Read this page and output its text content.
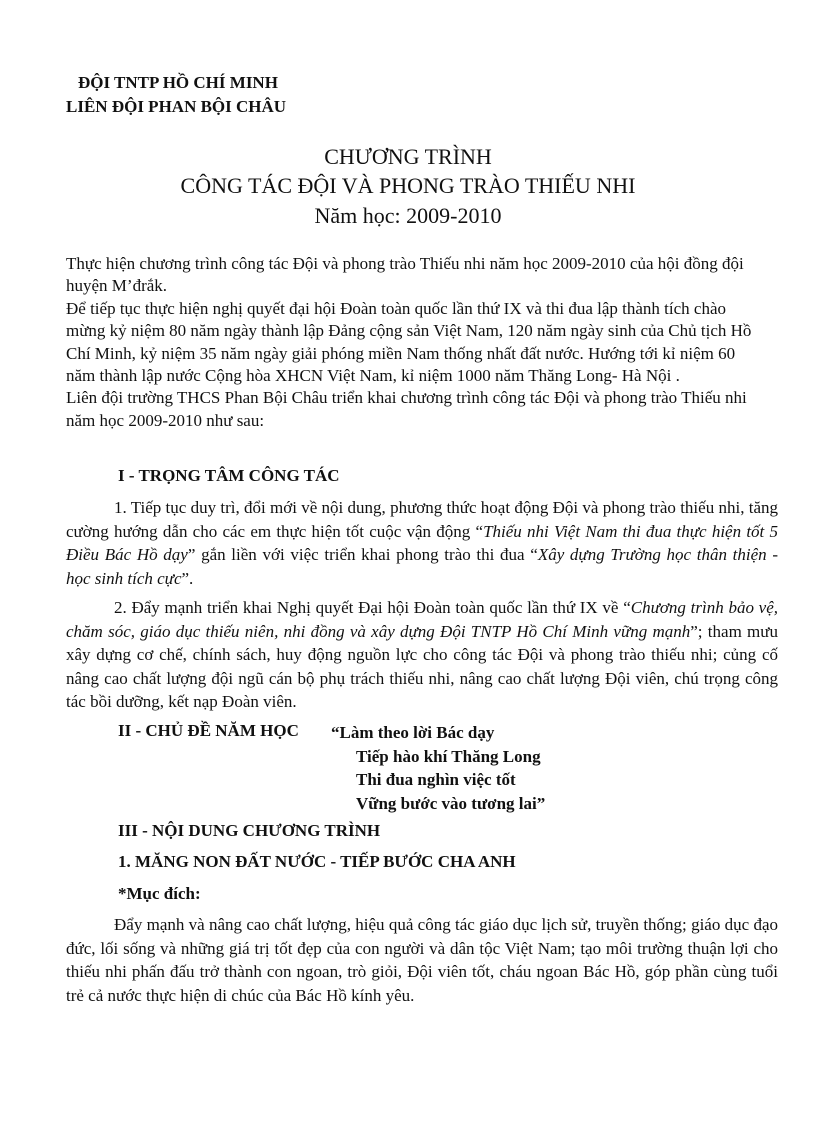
ĐỘI TNTP HỒ CHÍ MINH
LIÊN ĐỘI PHAN BỘI CHÂU
CHƯƠNG TRÌNH
CÔNG TÁC ĐỘI VÀ PHONG TRÀO THIẾU NHI
Năm học: 2009-2010

Thực hiện chương trình công tác Đội và phong trào Thiếu nhi năm học 2009-2010 của hội đồng đội huyện M’đrắk.

Để tiếp tục thực hiện nghị quyết đại hội Đoàn toàn quốc lần thứ IX và thi đua lập thành tích chào mừng kỷ niệm 80 năm ngày thành lập Đảng cộng sản Việt Nam, 120 năm ngày sinh của Chủ tịch Hồ Chí Minh, kỷ niệm 35 năm ngày giải phóng miền Nam thống nhất đất nước. Hướng tới kỉ niệm 60 năm thành lập nước Cộng hòa XHCN Việt Nam, kỉ niệm 1000 năm Thăng Long- Hà Nội .

Liên đội trường THCS Phan Bội Châu triển khai chương trình công tác Đội và phong trào Thiếu nhi năm học 2009-2010 như sau:

I - TRỌNG TÂM CÔNG TÁC
1. Tiếp tục duy trì, đổi mới về nội dung, phương thức hoạt động Đội và phong trào thiếu nhi, tăng cường hướng dẫn cho các em thực hiện tốt cuộc vận động “Thiếu nhi Việt Nam thi đua thực hiện tốt 5 Điều Bác Hồ dạy” gắn liền với việc triển khai phong trào thi đua “Xây dựng Trường học thân thiện - học sinh tích cực”.
2. Đẩy mạnh triển khai Nghị quyết Đại hội Đoàn toàn quốc lần thứ IX về “Chương trình bảo vệ, chăm sóc, giáo dục thiếu niên, nhi đồng và xây dựng Đội TNTP Hồ Chí Minh vững mạnh”; tham mưu xây dựng cơ chế, chính sách, huy động nguồn lực cho công tác Đội và phong trào thiếu nhi; củng cố nâng cao chất lượng đội ngũ cán bộ phụ trách thiếu nhi, nâng cao chất lượng Đội viên, chú trọng công tác bồi dưỡng, kết nạp Đoàn viên.
II - CHỦ ĐỀ NĂM HỌC “Làm theo lời Bác dạy
Tiếp hào khí Thăng Long
Thi đua nghìn việc tốt
Vững bước vào tương lai”
III - NỘI DUNG CHƯƠNG TRÌNH
1. MĂNG NON ĐẤT NƯỚC - TIẾP BƯỚC CHA ANH
*Mục đích:
Đẩy mạnh và nâng cao chất lượng, hiệu quả công tác giáo dục lịch sử, truyền thống; giáo dục đạo đức, lối sống và những giá trị tốt đẹp của con người và dân tộc Việt Nam; tạo môi trường thuận lợi cho thiếu nhi phấn đấu trở thành con ngoan, trò giỏi, Đội viên tốt, cháu ngoan Bác Hồ, góp phần cùng tuổi trẻ cả nước thực hiện di chúc của Bác Hồ kính yêu.
